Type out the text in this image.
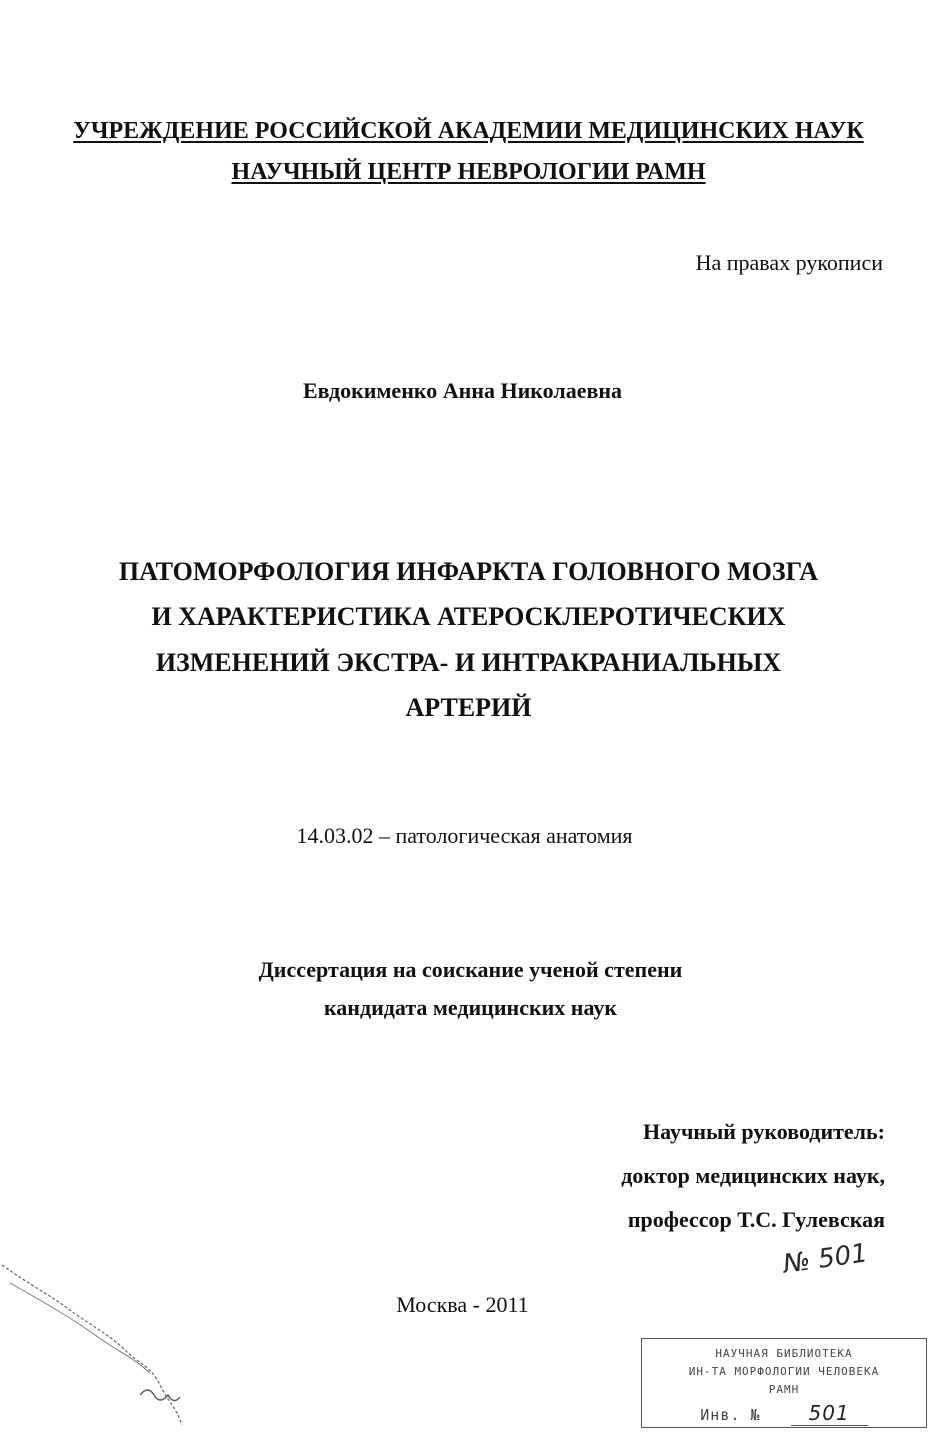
УЧРЕЖДЕНИЕ РОССИЙСКОЙ АКАДЕМИИ МЕДИЦИНСКИХ НАУК
НАУЧНЫЙ ЦЕНТР НЕВРОЛОГИИ РАМН
На правах рукописи
Евдокименко Анна Николаевна
ПАТОМОРФОЛОГИЯ ИНФАРКТА ГОЛОВНОГО МОЗГА
И ХАРАКТЕРИСТИКА АТЕРОСКЛЕРОТИЧЕСКИХ
ИЗМЕНЕНИЙ ЭКСТРА- И ИНТРАКРАНИАЛЬНЫХ
АРТЕРИЙ
14.03.02 – патологическая анатомия
Диссертация на соискание ученой степени
кандидата медицинских наук
Научный руководитель:
доктор медицинских наук,
профессор Т.С. Гулевская
№ 501
Москва - 2011
НАУЧНАЯ БИБЛИОТЕКА
ИН-ТА МОРФОЛОГИИ ЧЕЛОВЕКА
РАМН
Инв. № 501
